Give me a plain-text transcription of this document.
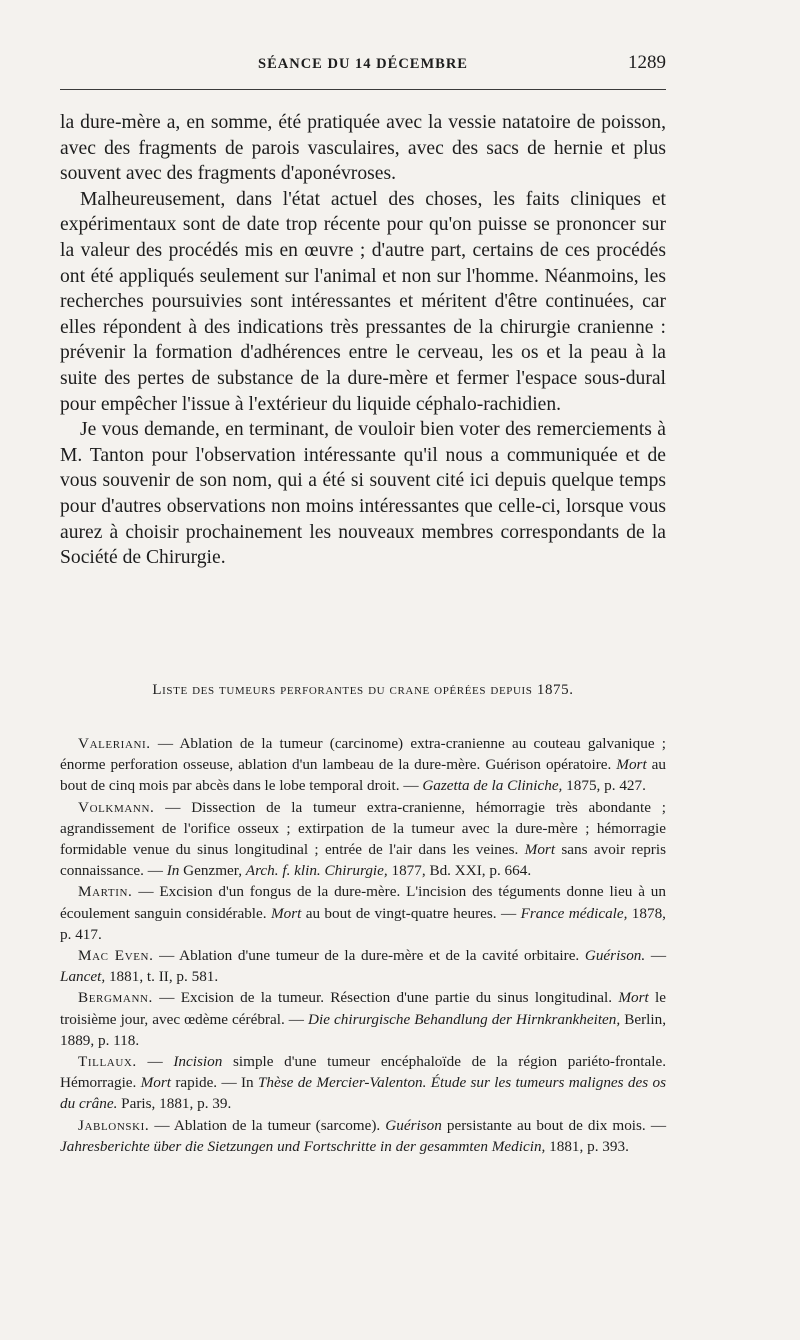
SÉANCE DU 14 DÉCEMBRE	1289

la dure-mère a, en somme, été pratiquée avec la vessie natatoire de poisson, avec des fragments de parois vasculaires, avec des sacs de hernie et plus souvent avec des fragments d'aponévroses.

Malheureusement, dans l'état actuel des choses, les faits cliniques et expérimentaux sont de date trop récente pour qu'on puisse se prononcer sur la valeur des procédés mis en œuvre ; d'autre part, certains de ces procédés ont été appliqués seulement sur l'animal et non sur l'homme. Néanmoins, les recherches poursuivies sont intéressantes et méritent d'être continuées, car elles répondent à des indications très pressantes de la chirurgie cranienne : prévenir la formation d'adhérences entre le cerveau, les os et la peau à la suite des pertes de substance de la dure-mère et fermer l'espace sous-dural pour empêcher l'issue à l'extérieur du liquide céphalo-rachidien.

Je vous demande, en terminant, de vouloir bien voter des remerciements à M. Tanton pour l'observation intéressante qu'il nous a communiquée et de vous souvenir de son nom, qui a été si souvent cité ici depuis quelque temps pour d'autres observations non moins intéressantes que celle-ci, lorsque vous aurez à choisir prochainement les nouveaux membres correspondants de la Société de Chirurgie.

Liste des tumeurs perforantes du crane opérées depuis 1875.

Valeriani. — Ablation de la tumeur (carcinome) extra-cranienne au couteau galvanique ; énorme perforation osseuse, ablation d'un lambeau de la dure-mère. Guérison opératoire. Mort au bout de cinq mois par abcès dans le lobe temporal droit. — Gazetta de la Cliniche, 1875, p. 427.

Volkmann. — Dissection de la tumeur extra-cranienne, hémorragie très abondante ; agrandissement de l'orifice osseux ; extirpation de la tumeur avec la dure-mère ; hémorragie formidable venue du sinus longitudinal ; entrée de l'air dans les veines. Mort sans avoir repris connaissance. — In Genzmer, Arch. f. klin. Chirurgie, 1877, Bd. XXI, p. 664.

Martin. — Excision d'un fongus de la dure-mère. L'incision des téguments donne lieu à un écoulement sanguin considérable. Mort au bout de vingt-quatre heures. — France médicale, 1878, p. 417.

Mac Even. — Ablation d'une tumeur de la dure-mère et de la cavité orbitaire. Guérison. — Lancet, 1881, t. II, p. 581.

Bergmann. — Excision de la tumeur. Résection d'une partie du sinus longitudinal. Mort le troisième jour, avec œdème cérébral. — Die chirurgische Behandlung der Hirnkrankheiten, Berlin, 1889, p. 118.

Tillaux. — Incision simple d'une tumeur encéphaloïde de la région pariéto-frontale. Hémorragie. Mort rapide. — In Thèse de Mercier-Valenton. Étude sur les tumeurs malignes des os du crâne. Paris, 1881, p. 39.

Jablonski. — Ablation de la tumeur (sarcome). Guérison persistante au bout de dix mois. — Jahresberichte über die Sietzungen und Fortschritte in der gesammten Medicin, 1881, p. 393.
